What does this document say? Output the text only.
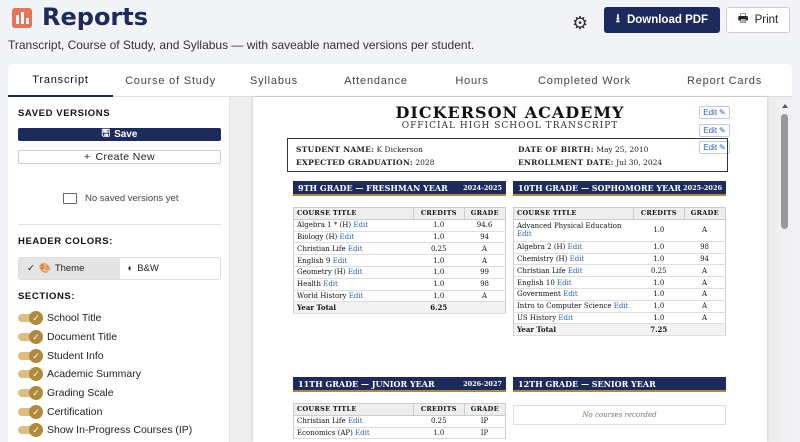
Reports
Transcript, Course of Study, and Syllabus — with saveable named versions per student.
⚙ ⭳ Download PDF	🖶 Print
Transcript	Course of Study	Syllabus	Attendance	Hours	Completed Work	Report Cards
SAVED VERSIONS
🖫 Save
+ Create New
No saved versions yet
HEADER COLORS:
✓ 🎨 Theme	◐ B&W
SECTIONS:
✓ School Title
✓ Document Title
✓ Student Info
✓ Academic Summary
✓ Grading Scale
✓ Certification
✓ Show In-Progress Courses (IP)
DICKERSON ACADEMY
OFFICIAL HIGH SCHOOL TRANSCRIPT
Edit ✎
Edit ✎
Edit ✎
STUDENT NAME: K Dickerson
EXPECTED GRADUATION: 2028
DATE OF BIRTH: May 25, 2010
ENROLLMENT DATE: Jul 30, 2024
9TH GRADE — FRESHMAN YEAR 2024-2025
COURSE TITLE	CREDITS	GRADE
Algebra 1 * (H) Edit	1.0	94.6
Biology (H) Edit	1.0	94
Christian Life Edit	0.25	A
English 9 Edit	1.0	A
Geometry (H) Edit	1.0	99
Health Edit	1.0	98
World History Edit	1.0	A
Year Total	6.25	
10TH GRADE — SOPHOMORE YEAR 2025-2026
COURSE TITLE	CREDITS	GRADE
Advanced Physical Education
Edit	1.0	A
Algebra 2 (H) Edit	1.0	98
Chemistry (H) Edit	1.0	94
Christian Life Edit	0.25	A
English 10 Edit	1.0	A
Government Edit	1.0	A
Intro to Computer Science Edit	1.0	A
US History Edit	1.0	A
Year Total	7.25	
11TH GRADE — JUNIOR YEAR	2026-2027
COURSE TITLE	CREDITS	GRADE
Christian Life Edit	0.25	IP
Economics (AP) Edit	1.0	IP
12TH GRADE — SENIOR YEAR
No courses recorded
